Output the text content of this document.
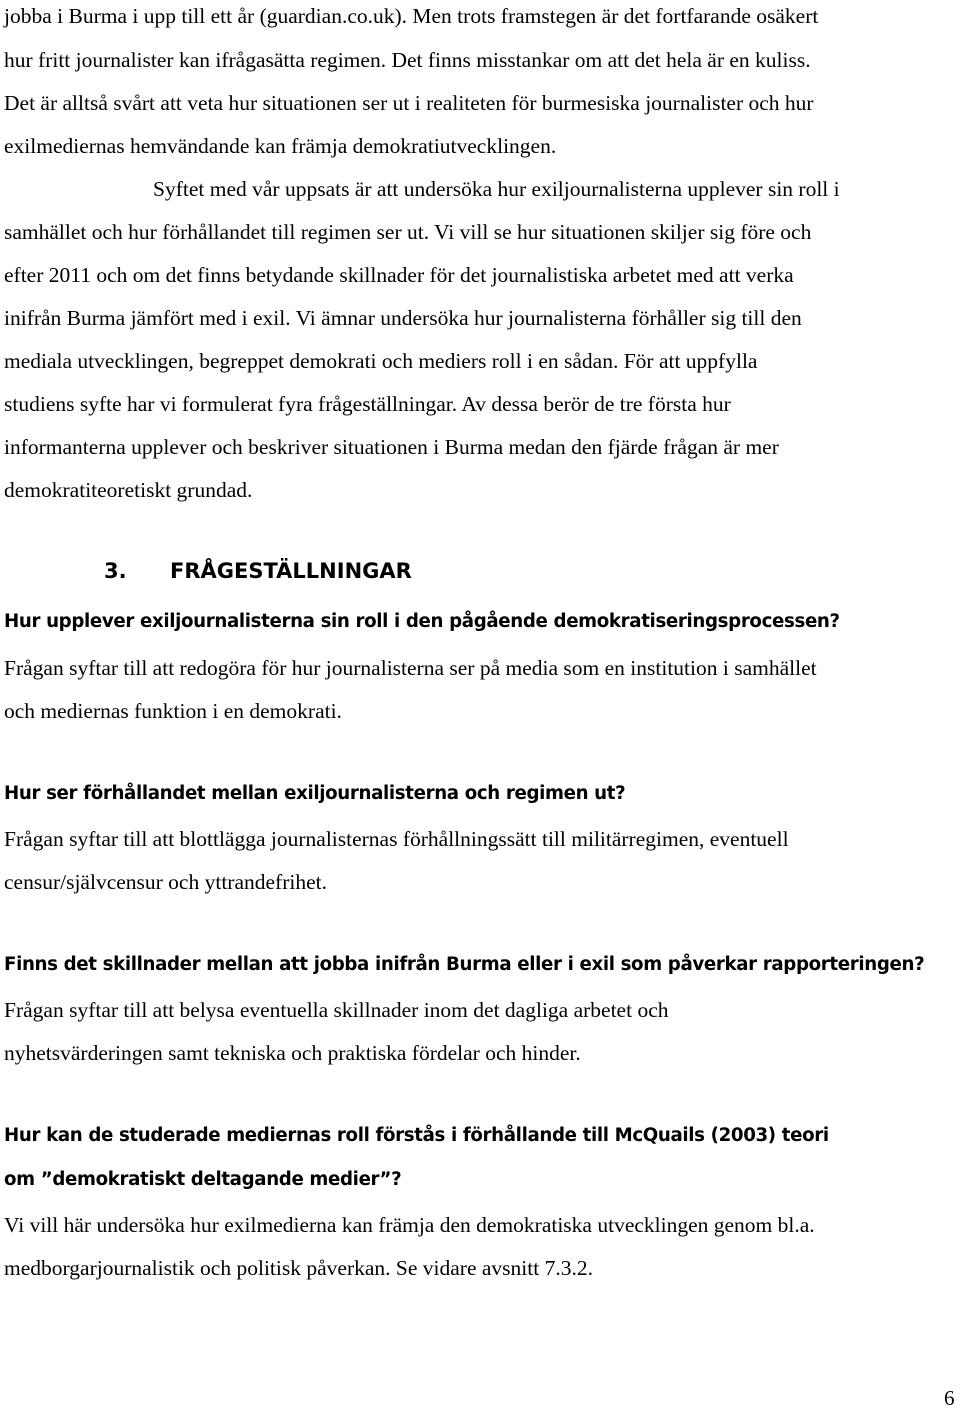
jobba i Burma i upp till ett år (guardian.co.uk). Men trots framstegen är det fortfarande osäkert
hur fritt journalister kan ifrågasätta regimen. Det finns misstankar om att det hela är en kuliss.
Det är alltså svårt att veta hur situationen ser ut i realiteten för burmesiska journalister och hur
exilmediernas hemvändande kan främja demokratiutvecklingen.
Syftet med vår uppsats är att undersöka hur exiljournalisterna upplever sin roll i
samhället och hur förhållandet till regimen ser ut. Vi vill se hur situationen skiljer sig före och
efter 2011 och om det finns betydande skillnader för det journalistiska arbetet med att verka
inifrån Burma jämfört med i exil. Vi ämnar undersöka hur journalisterna förhåller sig till den
mediala utvecklingen, begreppet demokrati och mediers roll i en sådan. För att uppfylla
studiens syfte har vi formulerat fyra frågeställningar. Av dessa berör de tre första hur
informanterna upplever och beskriver situationen i Burma medan den fjärde frågan är mer
demokratiteoretiskt grundad.
3. FRÅGESTÄLLNINGAR
Hur upplever exiljournalisterna sin roll i den pågående demokratiseringsprocessen?
Frågan syftar till att redogöra för hur journalisterna ser på media som en institution i samhället
och mediernas funktion i en demokrati.
Hur ser förhållandet mellan exiljournalisterna och regimen ut?
Frågan syftar till att blottlägga journalisternas förhållningssätt till militärregimen, eventuell
censur/självcensur och yttrandefrihet.
Finns det skillnader mellan att jobba inifrån Burma eller i exil som påverkar rapporteringen?
Frågan syftar till att belysa eventuella skillnader inom det dagliga arbetet och
nyhetsvärderingen samt tekniska och praktiska fördelar och hinder.
Hur kan de studerade mediernas roll förstås i förhållande till McQuails (2003) teori
om ”demokratiskt deltagande medier”?
Vi vill här undersöka hur exilmedierna kan främja den demokratiska utvecklingen genom bl.a.
medborgarjournalistik och politisk påverkan. Se vidare avsnitt 7.3.2.
6
